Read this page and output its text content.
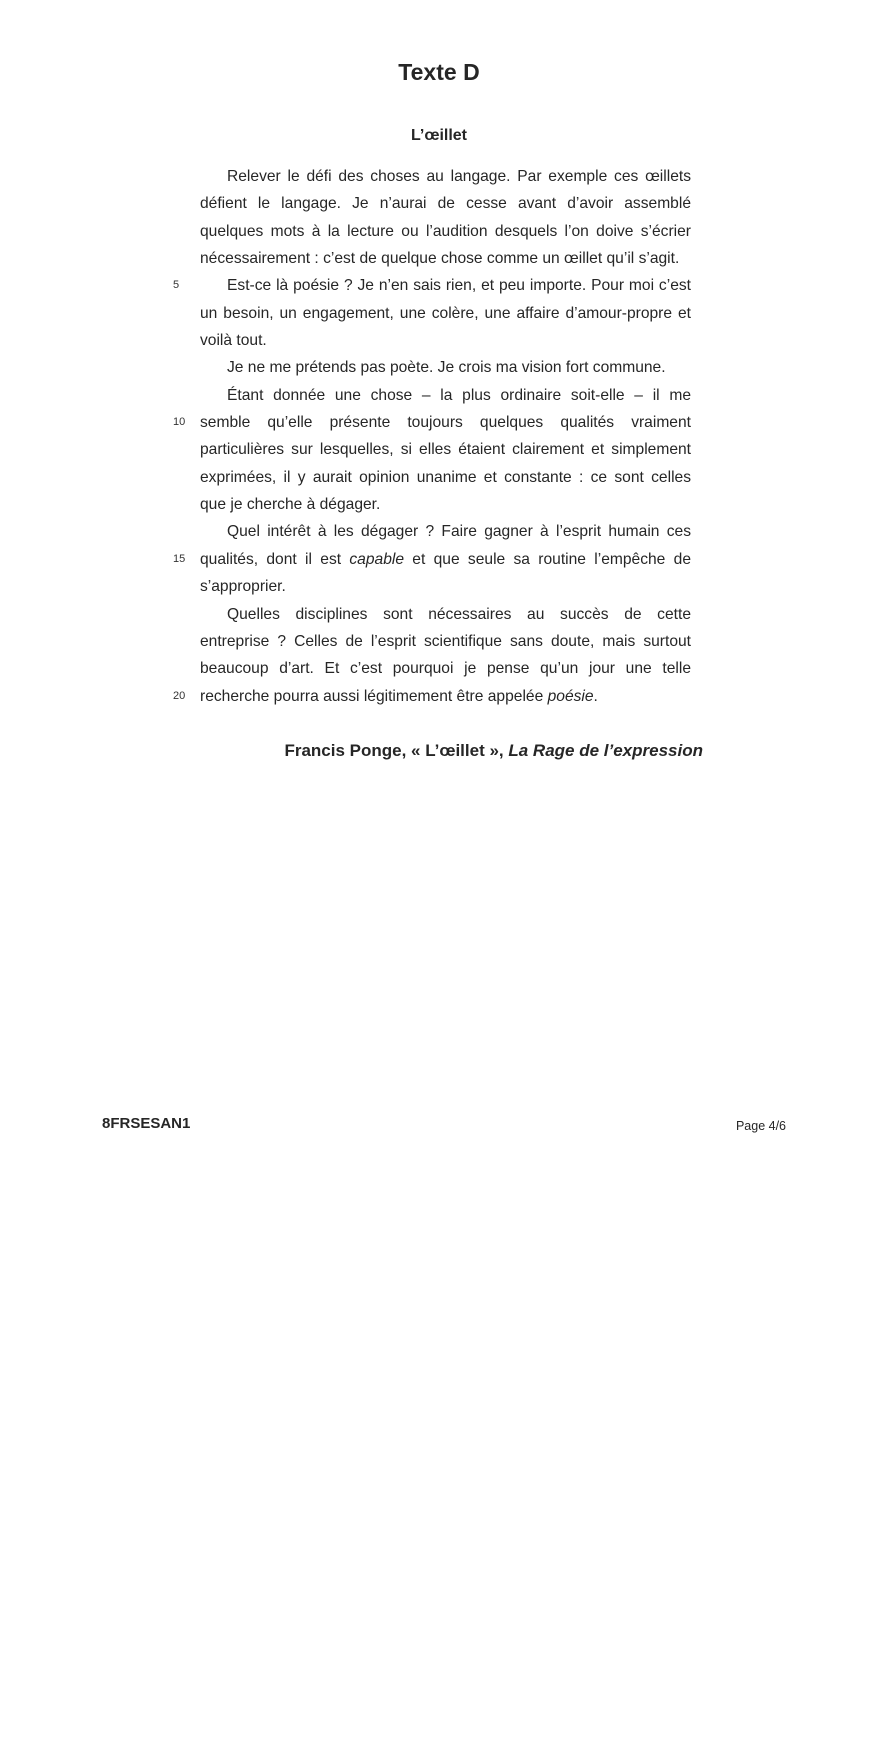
Texte D
L’œillet
Relever le défi des choses au langage. Par exemple ces œillets
défient le langage. Je n’aurai de cesse avant d’avoir assemblé
quelques mots à la lecture ou l’audition desquels l’on doive s’écrier
nécessairement : c’est de quelque chose comme un œillet qu’il s’agit.
5	Est-ce là poésie ? Je n’en sais rien, et peu importe. Pour moi c’est
un besoin, un engagement, une colère, une affaire d’amour-propre et
voilà tout.
Je ne me prétends pas poète. Je crois ma vision fort commune.
Étant donnée une chose – la plus ordinaire soit-elle – il me
10 semble qu’elle présente toujours quelques qualités vraiment
particulières sur lesquelles, si elles étaient clairement et simplement
exprimées, il y aurait opinion unanime et constante : ce sont celles
que je cherche à dégager.
Quel intérêt à les dégager ? Faire gagner à l’esprit humain ces
15 qualités, dont il est capable et que seule sa routine l’empêche de
s’approprier.
Quelles disciplines sont nécessaires au succès de cette
entreprise ? Celles de l’esprit scientifique sans doute, mais surtout
beaucoup d’art. Et c’est pourquoi je pense qu’un jour une telle
20 recherche pourra aussi légitimement être appelée poésie.
Francis Ponge, « L’œillet », La Rage de l’expression
8FRSESAN1	Page 4/6
